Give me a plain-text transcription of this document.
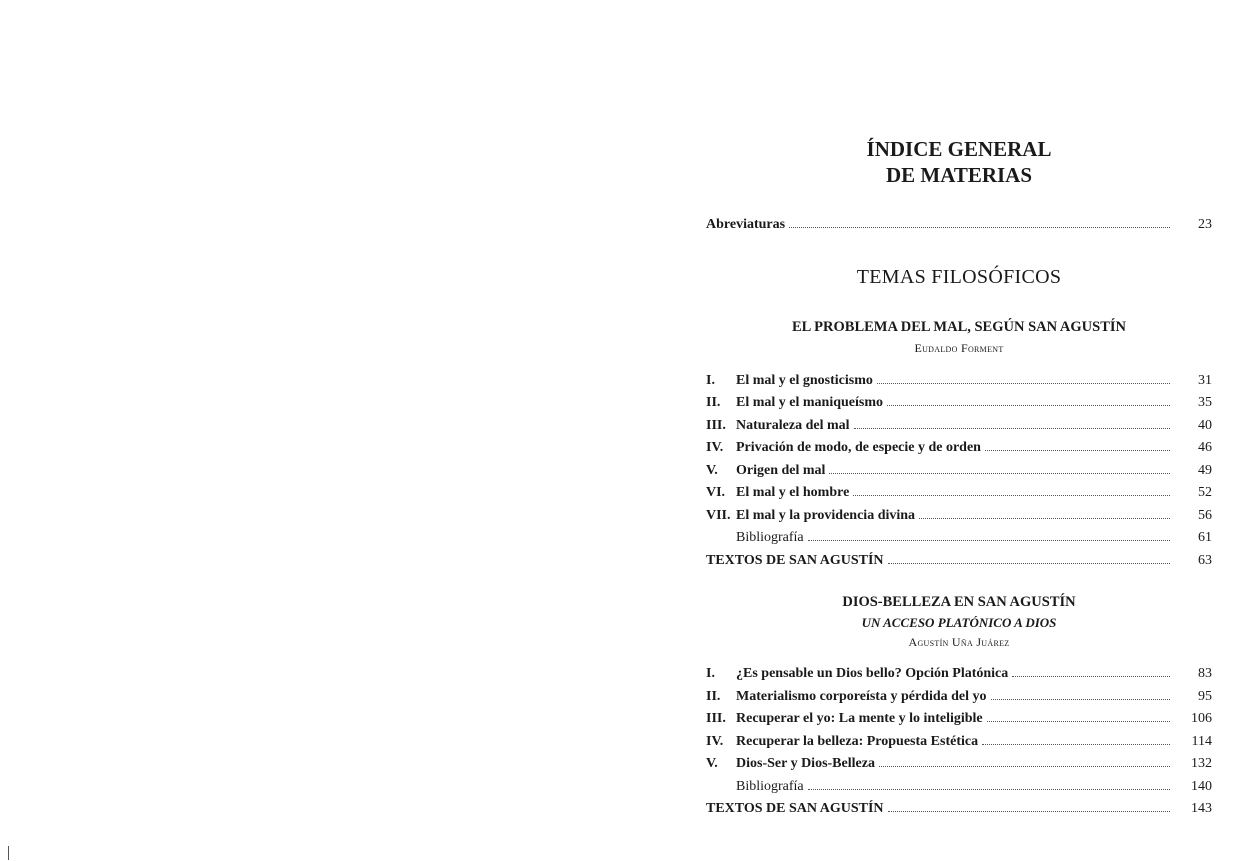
ÍNDICE GENERAL
DE MATERIAS
Abreviaturas	23
TEMAS FILOSÓFICOS
EL PROBLEMA DEL MAL, SEGÚN SAN AGUSTÍN
Eudaldo Forment
I.	El mal y el gnosticismo	31
II.	El mal y el maniqueísmo	35
III. Naturaleza del mal	40
IV. Privación de modo, de especie y de orden	46
V.	Origen del mal	49
VI. El mal y el hombre	52
VII. El mal y la providencia divina	56
Bibliografía	61
TEXTOS DE SAN AGUSTÍN	63
DIOS-BELLEZA EN SAN AGUSTÍN
UN ACCESO PLATÓNICO A DIOS
Agustín Uña Juárez
I.	¿Es pensable un Dios bello? Opción Platónica	83
II.	Materialismo corporeísta y pérdida del yo	95
III. Recuperar el yo: La mente y lo inteligible	106
IV. Recuperar la belleza: Propuesta Estética	114
V.	Dios-Ser y Dios-Belleza	132
Bibliografía	140
TEXTOS DE SAN AGUSTÍN	143
